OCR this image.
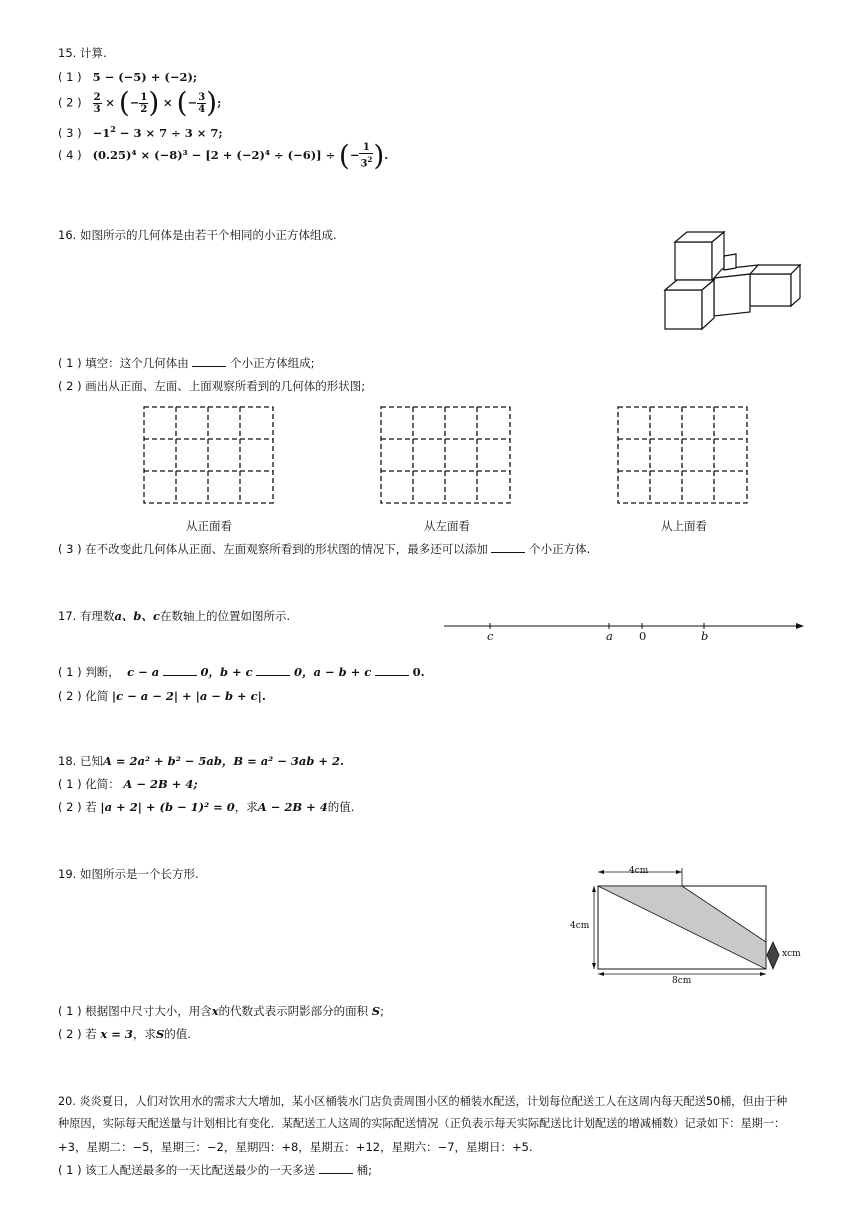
15. 计算.
( 1 ) 5 − (−5) + (−2);
( 2 ) $\frac{2}{3}$ × (− $\frac{1}{2}$ ) × (− $\frac{3}{4}$ );
( 3 ) $-1^2 - 3 \times 7 \div 3 \times 7$;
( 4 ) (0.25)⁴ × (−8)³ − [2 + (−2)⁴ ÷ (−6)] ÷ (− $\frac{1}{3^2}$ ).
16. 如图所示的几何体是由若干个相同的小正方体组成.
( 1 ) 填空：这个几何体由	个小正方体组成;
( 2 ) 画出从正面、左面、上面观察所看到的几何体的形状图;
从正面看	从左面看	从上面看
( 3 ) 在不改变此几何体从正面、左面观察所看到的形状图的情况下，最多还可以添加	个小正方体.
17. 有理数a、b、c在数轴上的位置如图所示.
c	a 0	b
( 1 ) 判断， c − a	0，b + c	0，a − b + c	0.
( 2 ) 化简 |c − a − 2| + |a − b + c|.
18. 已知A = 2a² + b² − 5ab，B = a² − 3ab + 2.
( 1 ) 化简： A − 2B + 4;
( 2 ) 若 |a + 2| + (b − 1)² = 0，求A − 2B + 4的值.
19. 如图所示是一个长方形.	4cm
4cm
8cm
xcm
( 1 ) 根据图中尺寸大小，用含x的代数式表示阴影部分的面积 S;
( 2 ) 若 x = 3，求S的值.
20. 炎炎夏日，人们对饮用水的需求大大增加，某小区桶装水门店负责周围小区的桶装水配送，计划每位配送工人在这周内每天配送50桶，但由于种
种原因，实际每天配送量与计划相比有变化．某配送工人这周的实际配送情况（正负表示每天实际配送比计划配送的增减桶数）记录如下：星期一：
+3，星期二：−5，星期三：−2，星期四：+8，星期五：+12，星期六：−7，星期日：+5.
( 1 ) 该工人配送最多的一天比配送最少的一天多送	桶;
